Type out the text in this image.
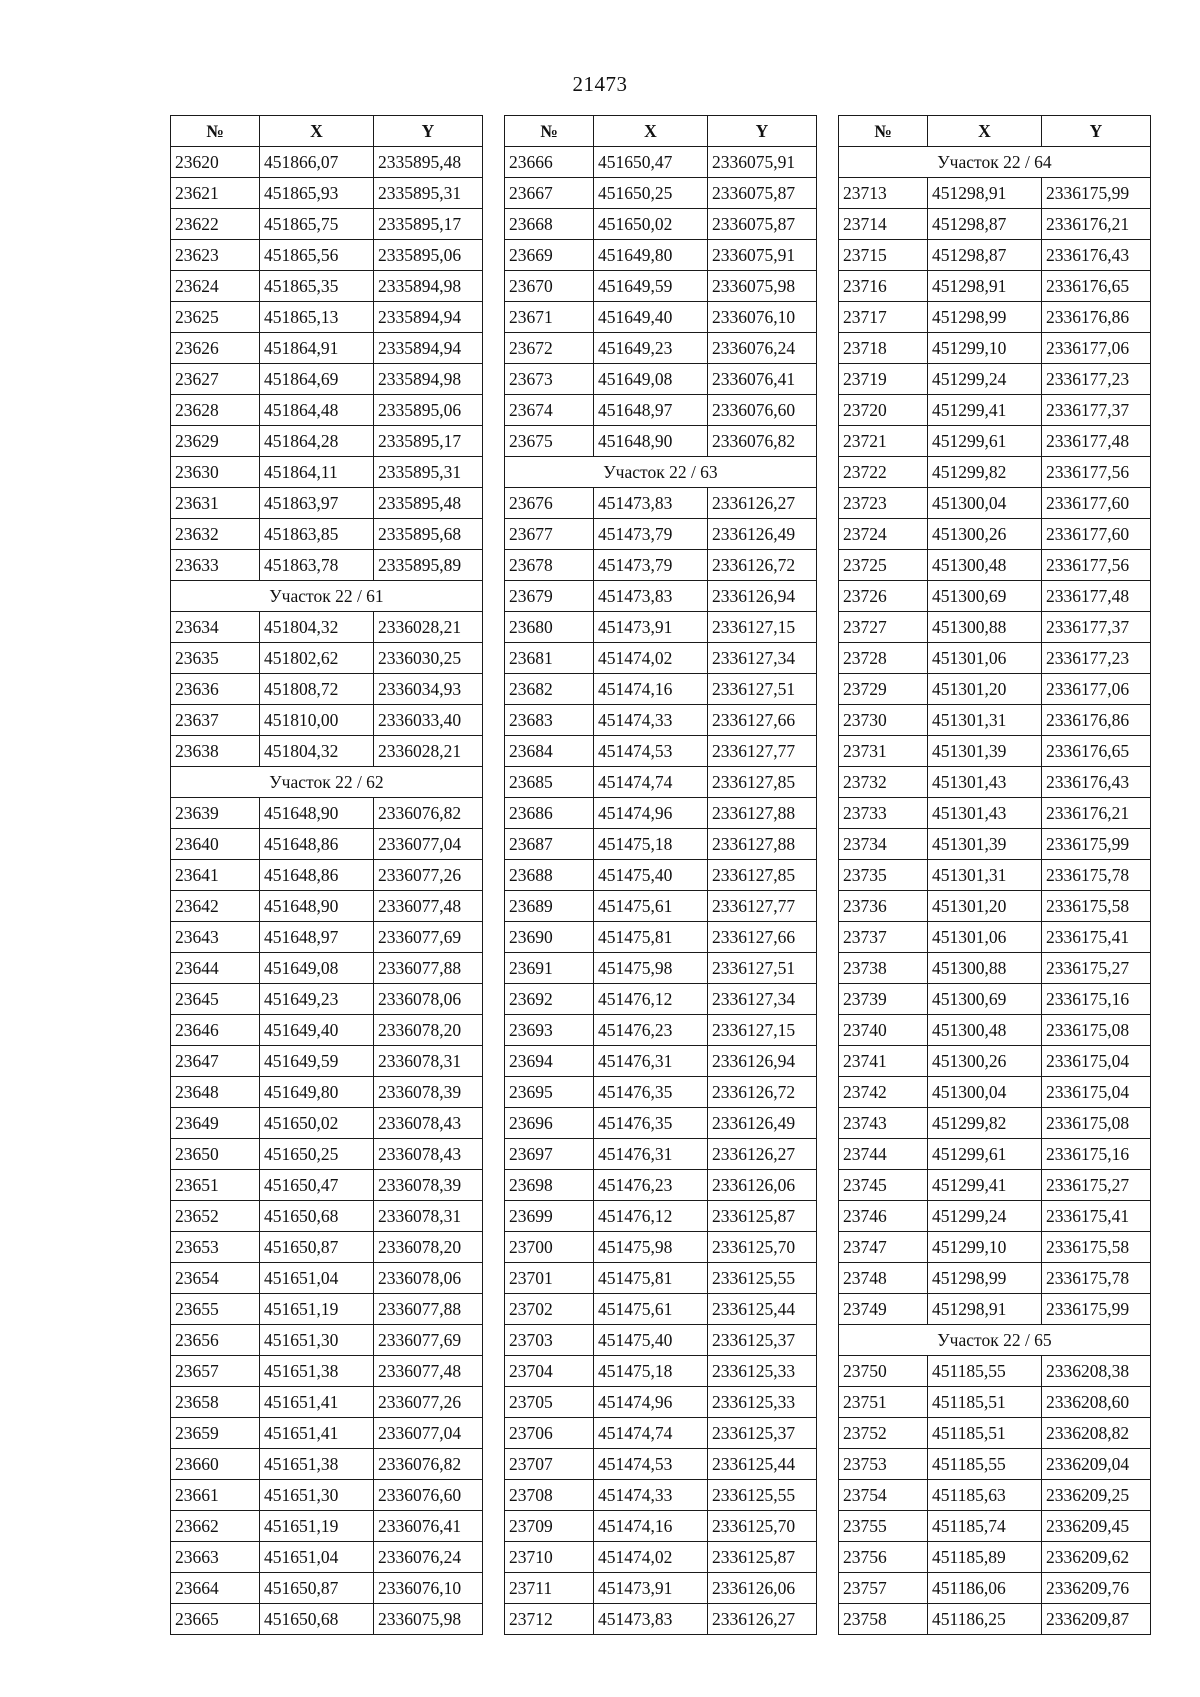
21473
№	X	Y
23620	451866,07	2335895,48
23621	451865,93	2335895,31
23622	451865,75	2335895,17
23623	451865,56	2335895,06
23624	451865,35	2335894,98
23625	451865,13	2335894,94
23626	451864,91	2335894,94
23627	451864,69	2335894,98
23628	451864,48	2335895,06
23629	451864,28	2335895,17
23630	451864,11	2335895,31
23631	451863,97	2335895,48
23632	451863,85	2335895,68
23633	451863,78	2335895,89
Участок 22 / 61		
23634	451804,32	2336028,21
23635	451802,62	2336030,25
23636	451808,72	2336034,93
23637	451810,00	2336033,40
23638	451804,32	2336028,21
Участок 22 / 62		
23639	451648,90	2336076,82
23640	451648,86	2336077,04
23641	451648,86	2336077,26
23642	451648,90	2336077,48
23643	451648,97	2336077,69
23644	451649,08	2336077,88
23645	451649,23	2336078,06
23646	451649,40	2336078,20
23647	451649,59	2336078,31
23648	451649,80	2336078,39
23649	451650,02	2336078,43
23650	451650,25	2336078,43
23651	451650,47	2336078,39
23652	451650,68	2336078,31
23653	451650,87	2336078,20
23654	451651,04	2336078,06
23655	451651,19	2336077,88
23656	451651,30	2336077,69
23657	451651,38	2336077,48
23658	451651,41	2336077,26
23659	451651,41	2336077,04
23660	451651,38	2336076,82
23661	451651,30	2336076,60
23662	451651,19	2336076,41
23663	451651,04	2336076,24
23664	451650,87	2336076,10
23665	451650,68	2336075,98
№	X	Y
23666	451650,47	2336075,91
23667	451650,25	2336075,87
23668	451650,02	2336075,87
23669	451649,80	2336075,91
23670	451649,59	2336075,98
23671	451649,40	2336076,10
23672	451649,23	2336076,24
23673	451649,08	2336076,41
23674	451648,97	2336076,60
23675	451648,90	2336076,82
Участок 22 / 63		
23676	451473,83	2336126,27
23677	451473,79	2336126,49
23678	451473,79	2336126,72
23679	451473,83	2336126,94
23680	451473,91	2336127,15
23681	451474,02	2336127,34
23682	451474,16	2336127,51
23683	451474,33	2336127,66
23684	451474,53	2336127,77
23685	451474,74	2336127,85
23686	451474,96	2336127,88
23687	451475,18	2336127,88
23688	451475,40	2336127,85
23689	451475,61	2336127,77
23690	451475,81	2336127,66
23691	451475,98	2336127,51
23692	451476,12	2336127,34
23693	451476,23	2336127,15
23694	451476,31	2336126,94
23695	451476,35	2336126,72
23696	451476,35	2336126,49
23697	451476,31	2336126,27
23698	451476,23	2336126,06
23699	451476,12	2336125,87
23700	451475,98	2336125,70
23701	451475,81	2336125,55
23702	451475,61	2336125,44
23703	451475,40	2336125,37
23704	451475,18	2336125,33
23705	451474,96	2336125,33
23706	451474,74	2336125,37
23707	451474,53	2336125,44
23708	451474,33	2336125,55
23709	451474,16	2336125,70
23710	451474,02	2336125,87
23711	451473,91	2336126,06
23712	451473,83	2336126,27
№	X	Y
Участок 22 / 64		
23713	451298,91	2336175,99
23714	451298,87	2336176,21
23715	451298,87	2336176,43
23716	451298,91	2336176,65
23717	451298,99	2336176,86
23718	451299,10	2336177,06
23719	451299,24	2336177,23
23720	451299,41	2336177,37
23721	451299,61	2336177,48
23722	451299,82	2336177,56
23723	451300,04	2336177,60
23724	451300,26	2336177,60
23725	451300,48	2336177,56
23726	451300,69	2336177,48
23727	451300,88	2336177,37
23728	451301,06	2336177,23
23729	451301,20	2336177,06
23730	451301,31	2336176,86
23731	451301,39	2336176,65
23732	451301,43	2336176,43
23733	451301,43	2336176,21
23734	451301,39	2336175,99
23735	451301,31	2336175,78
23736	451301,20	2336175,58
23737	451301,06	2336175,41
23738	451300,88	2336175,27
23739	451300,69	2336175,16
23740	451300,48	2336175,08
23741	451300,26	2336175,04
23742	451300,04	2336175,04
23743	451299,82	2336175,08
23744	451299,61	2336175,16
23745	451299,41	2336175,27
23746	451299,24	2336175,41
23747	451299,10	2336175,58
23748	451298,99	2336175,78
23749	451298,91	2336175,99
Участок 22 / 65		
23750	451185,55	2336208,38
23751	451185,51	2336208,60
23752	451185,51	2336208,82
23753	451185,55	2336209,04
23754	451185,63	2336209,25
23755	451185,74	2336209,45
23756	451185,89	2336209,62
23757	451186,06	2336209,76
23758	451186,25	2336209,87
